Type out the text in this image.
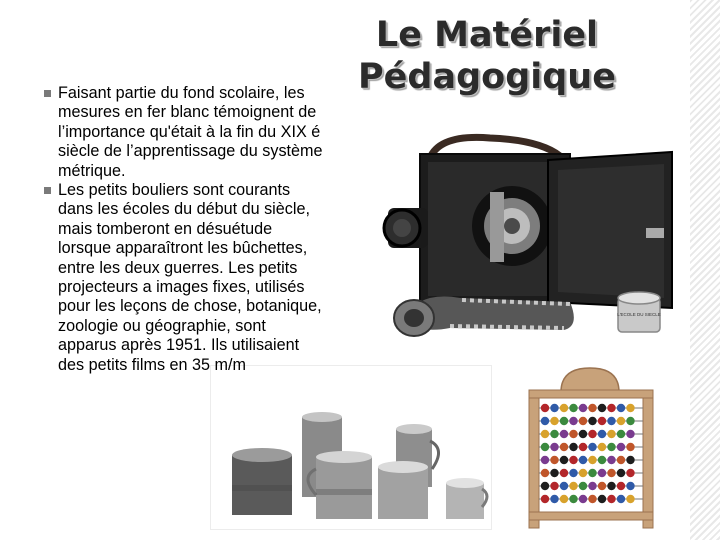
Le Matériel
Pédagogique
L'ECOLE DU SIECLE

Faisant partie du fond scolaire, les mesures en fer blanc témoignent de l’importance qu'était à la fin du XIX é siècle de l’apprentissage du système métrique.

Les petits bouliers sont courants dans les écoles du début du siècle, mais tomberont en désuétude lorsque apparaîtront les bûchettes, entre les deux guerres. Les petits projecteurs a images fixes, utilisés pour les leçons de chose, botanique, zoologie ou géographie, sont apparus après 1951. Ils utilisaient des petits films en 35 m/m
